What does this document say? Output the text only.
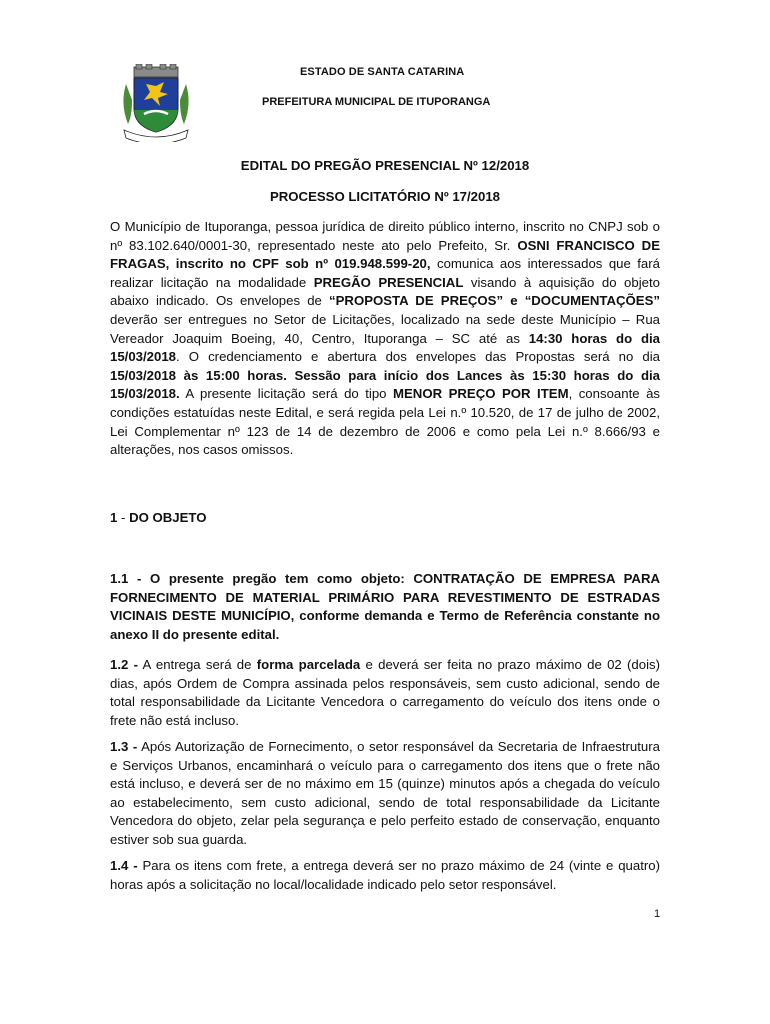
ESTADO DE SANTA CATARINA
PREFEITURA MUNICIPAL DE ITUPORANGA
EDITAL DO PREGÃO PRESENCIAL Nº 12/2018
PROCESSO LICITATÓRIO Nº 17/2018

O Município de Ituporanga, pessoa jurídica de direito público interno, inscrito no CNPJ sob o nº 83.102.640/0001-30, representado neste ato pelo Prefeito, Sr. OSNI FRANCISCO DE FRAGAS, inscrito no CPF sob nº 019.948.599-20, comunica aos interessados que fará realizar licitação na modalidade PREGÃO PRESENCIAL visando à aquisição do objeto abaixo indicado. Os envelopes de “PROPOSTA DE PREÇOS” e “DOCUMENTAÇÕES” deverão ser entregues no Setor de Licitações, localizado na sede deste Município – Rua Vereador Joaquim Boeing, 40, Centro, Ituporanga – SC até as 14:30 horas do dia 15/03/2018. O credenciamento e abertura dos envelopes das Propostas será no dia 15/03/2018 às 15:00 horas. Sessão para início dos Lances às 15:30 horas do dia 15/03/2018. A presente licitação será do tipo MENOR PREÇO POR ITEM, consoante às condições estatuídas neste Edital, e será regida pela Lei n.º 10.520, de 17 de julho de 2002, Lei Complementar nº 123 de 14 de dezembro de 2006 e como pela Lei n.º 8.666/93 e alterações, nos casos omissos.

1 - DO OBJETO

1.1 - O presente pregão tem como objeto: CONTRATAÇÃO DE EMPRESA PARA FORNECIMENTO DE MATERIAL PRIMÁRIO PARA REVESTIMENTO DE ESTRADAS VICINAIS DESTE MUNICÍPIO, conforme demanda e Termo de Referência constante no anexo II do presente edital.

1.2 - A entrega será de forma parcelada e deverá ser feita no prazo máximo de 02 (dois) dias, após Ordem de Compra assinada pelos responsáveis, sem custo adicional, sendo de total responsabilidade da Licitante Vencedora o carregamento do veículo dos itens onde o frete não está incluso.

1.3 - Após Autorização de Fornecimento, o setor responsável da Secretaria de Infraestrutura e Serviços Urbanos, encaminhará o veículo para o carregamento dos itens que o frete não está incluso, e deverá ser de no máximo em 15 (quinze) minutos após a chegada do veículo ao estabelecimento, sem custo adicional, sendo de total responsabilidade da Licitante Vencedora do objeto, zelar pela segurança e pelo perfeito estado de conservação, enquanto estiver sob sua guarda.

1.4 - Para os itens com frete, a entrega deverá ser no prazo máximo de 24 (vinte e quatro) horas após a solicitação no local/localidade indicado pelo setor responsável.

1
